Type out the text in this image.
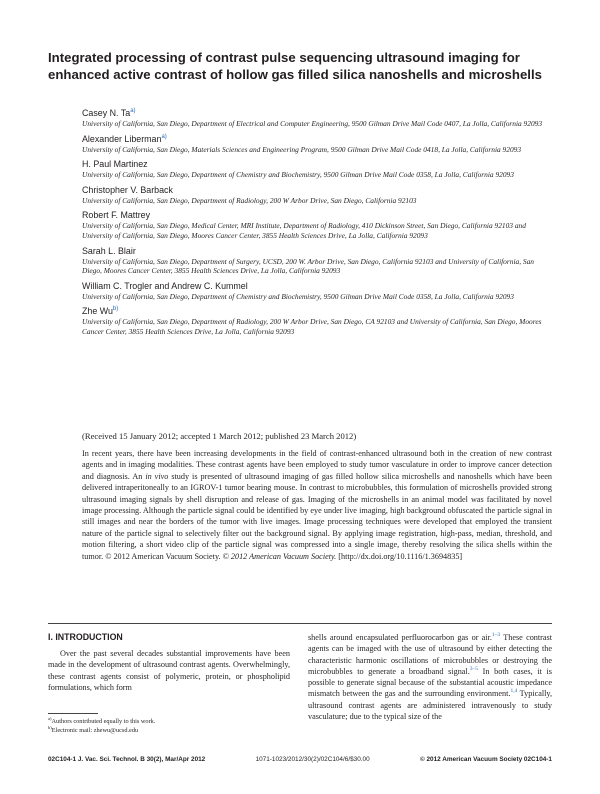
Integrated processing of contrast pulse sequencing ultrasound imaging for enhanced active contrast of hollow gas filled silica nanoshells and microshells
Casey N. Ta$^{a)}$
University of California, San Diego, Department of Electrical and Computer Engineering, 9500 Gilman Drive Mail Code 0407, La Jolla, California 92093
Alexander Liberman$^{a)}$
University of California, San Diego, Materials Sciences and Engineering Program, 9500 Gilman Drive Mail Code 0418, La Jolla, California 92093
H. Paul Martinez
University of California, San Diego, Department of Chemistry and Biochemistry, 9500 Gilman Drive Mail Code 0358, La Jolla, California 92093
Christopher V. Barback
University of California, San Diego, Department of Radiology, 200 W Arbor Drive, San Diego, California 92103
Robert F. Mattrey
University of California, San Diego, Medical Center, MRI Institute, Department of Radiology, 410 Dickinson Street, San Diego, California 92103 and University of California, San Diego, Moores Cancer Center, 3855 Health Sciences Drive, La Jolla, California 92093
Sarah L. Blair
University of California, San Diego, Department of Surgery, UCSD, 200 W. Arbor Drive, San Diego, California 92103 and University of California, San Diego, Moores Cancer Center, 3855 Health Sciences Drive, La Jolla, California 92093
William C. Trogler and Andrew C. Kummel
University of California, San Diego, Department of Chemistry and Biochemistry, 9500 Gilman Drive Mail Code 0358, La Jolla, California 92093
Zhe Wu$^{b)}$
University of California, San Diego, Department of Radiology, 200 W Arbor Drive, San Diego, CA 92103 and University of California, San Diego, Moores Cancer Center, 3855 Health Sciences Drive, La Jolla, California 92093
(Received 15 January 2012; accepted 1 March 2012; published 23 March 2012)
In recent years, there have been increasing developments in the field of contrast-enhanced ultrasound both in the creation of new contrast agents and in imaging modalities. These contrast agents have been employed to study tumor vasculature in order to improve cancer detection and diagnosis. An in vivo study is presented of ultrasound imaging of gas filled hollow silica microshells and nanoshells which have been delivered intraperitoneally to an IGROV-1 tumor bearing mouse. In contrast to microbubbles, this formulation of microshells provided strong ultrasound imaging signals by shell disruption and release of gas. Imaging of the microshells in an animal model was facilitated by novel image processing. Although the particle signal could be identified by eye under live imaging, high background obfuscated the particle signal in still images and near the borders of the tumor with live images. Image processing techniques were developed that employed the transient nature of the particle signal to selectively filter out the background signal. By applying image registration, high-pass, median, threshold, and motion filtering, a short video clip of the particle signal was compressed into a single image, thereby resolving the silica shells within the tumor. © 2012 American Vacuum Society. © 2012 American Vacuum Society. [http://dx.doi.org/10.1116/1.3694835]
I. INTRODUCTION
Over the past several decades substantial improvements have been made in the development of ultrasound contrast agents. Overwhelmingly, these contrast agents consist of polymeric, protein, or phospholipid formulations, which form
shells around encapsulated perfluorocarbon gas or air.$^{1-3}$ These contrast agents can be imaged with the use of ultrasound by either detecting the characteristic harmonic oscillations of microbubbles or destroying the microbubbles to generate a broadband signal.$^{3-5}$ In both cases, it is possible to generate signal because of the substantial acoustic impedance mismatch between the gas and the surrounding environment.$^{1,4}$ Typically, ultrasound contrast agents are administered intravenously to study vasculature; due to the typical size of the
$^{a)}$Authors contributed equally to this work.
$^{b)}$Electronic mail: zhewu@ucsd.edu
02C104-1 J. Vac. Sci. Technol. B 30(2), Mar/Apr 2012	1071-1023/2012/30(2)/02C104/6/$30.00	© 2012 American Vacuum Society 02C104-1
